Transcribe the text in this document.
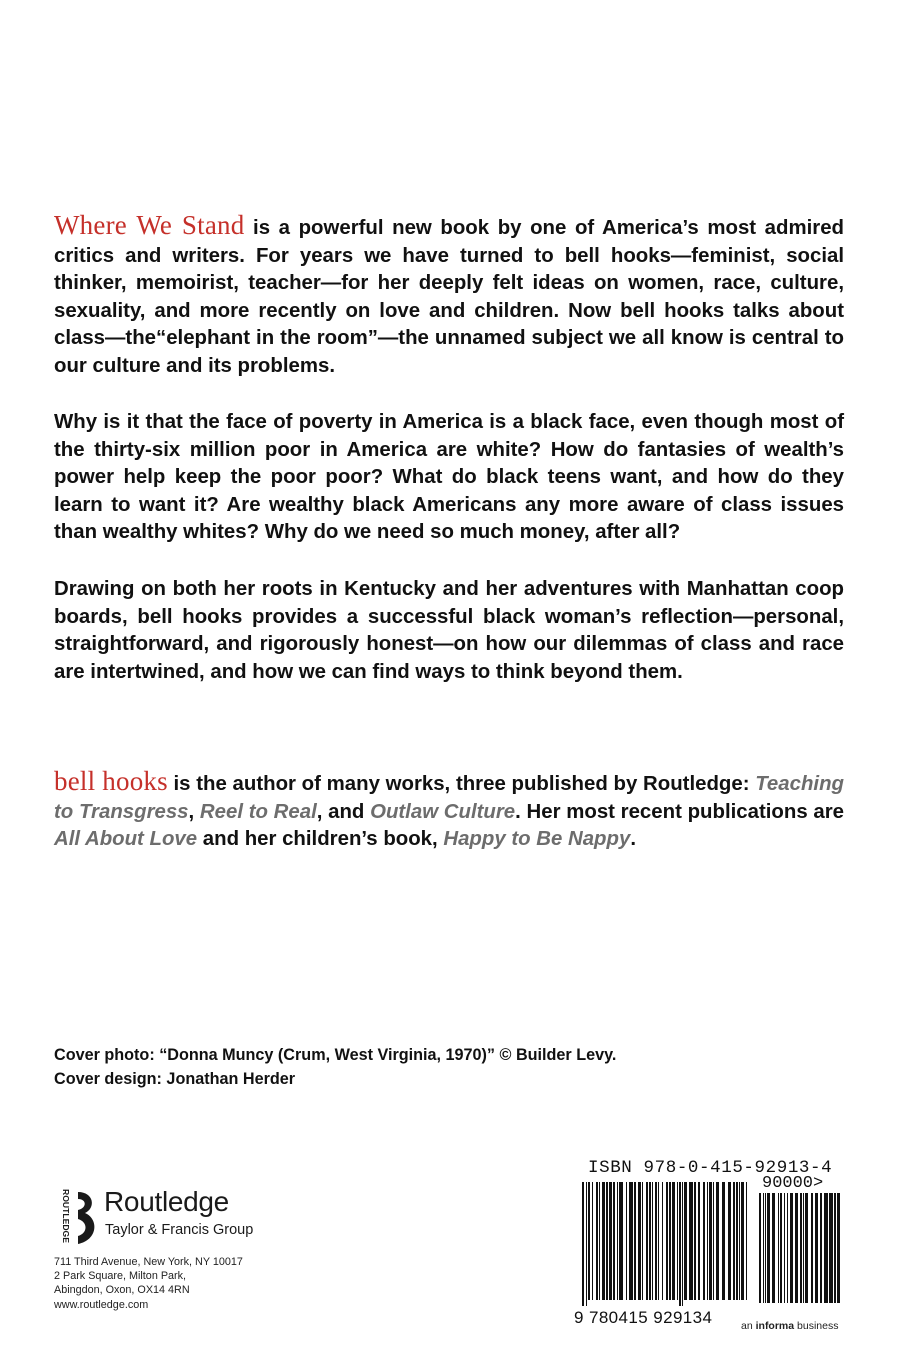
Where We Stand is a powerful new book by one of America’s most admired critics and writers. For years we have turned to bell hooks—feminist, social thinker, memoirist, teacher—for her deeply felt ideas on women, race, culture, sexuality, and more recently on love and children. Now bell hooks talks about class—the“elephant in the room”—the unnamed subject we all know is central to our culture and its problems.

Why is it that the face of poverty in America is a black face, even though most of the thirty-six million poor in America are white? How do fantasies of wealth’s power help keep the poor poor? What do black teens want, and how do they learn to want it? Are wealthy black Americans any more aware of class issues than wealthy whites? Why do we need so much money, after all?

Drawing on both her roots in Kentucky and her adventures with Manhattan coop boards, bell hooks provides a successful black woman’s reflection—personal, straightforward, and rigorously honest—on how our dilemmas of class and race are intertwined, and how we can find ways to think beyond them.

bell hooks is the author of many works, three published by Routledge: Teaching to Transgress, Reel to Real, and Outlaw Culture. Her most recent publications are All About Love and her children’s book, Happy to Be Nappy.

Cover photo: “Donna Muncy (Crum, West Virginia, 1970)” © Builder Levy.
Cover design: Jonathan Herder
ROUTLEDGE Routledge
Taylor & Francis Group
711 Third Avenue, New York, NY 10017
2 Park Square, Milton Park,
Abingdon, Oxon, OX14 4RN
www.routledge.com
ISBN 978-0-415-92913-4
90000>
9 780415 929134	an informa business
